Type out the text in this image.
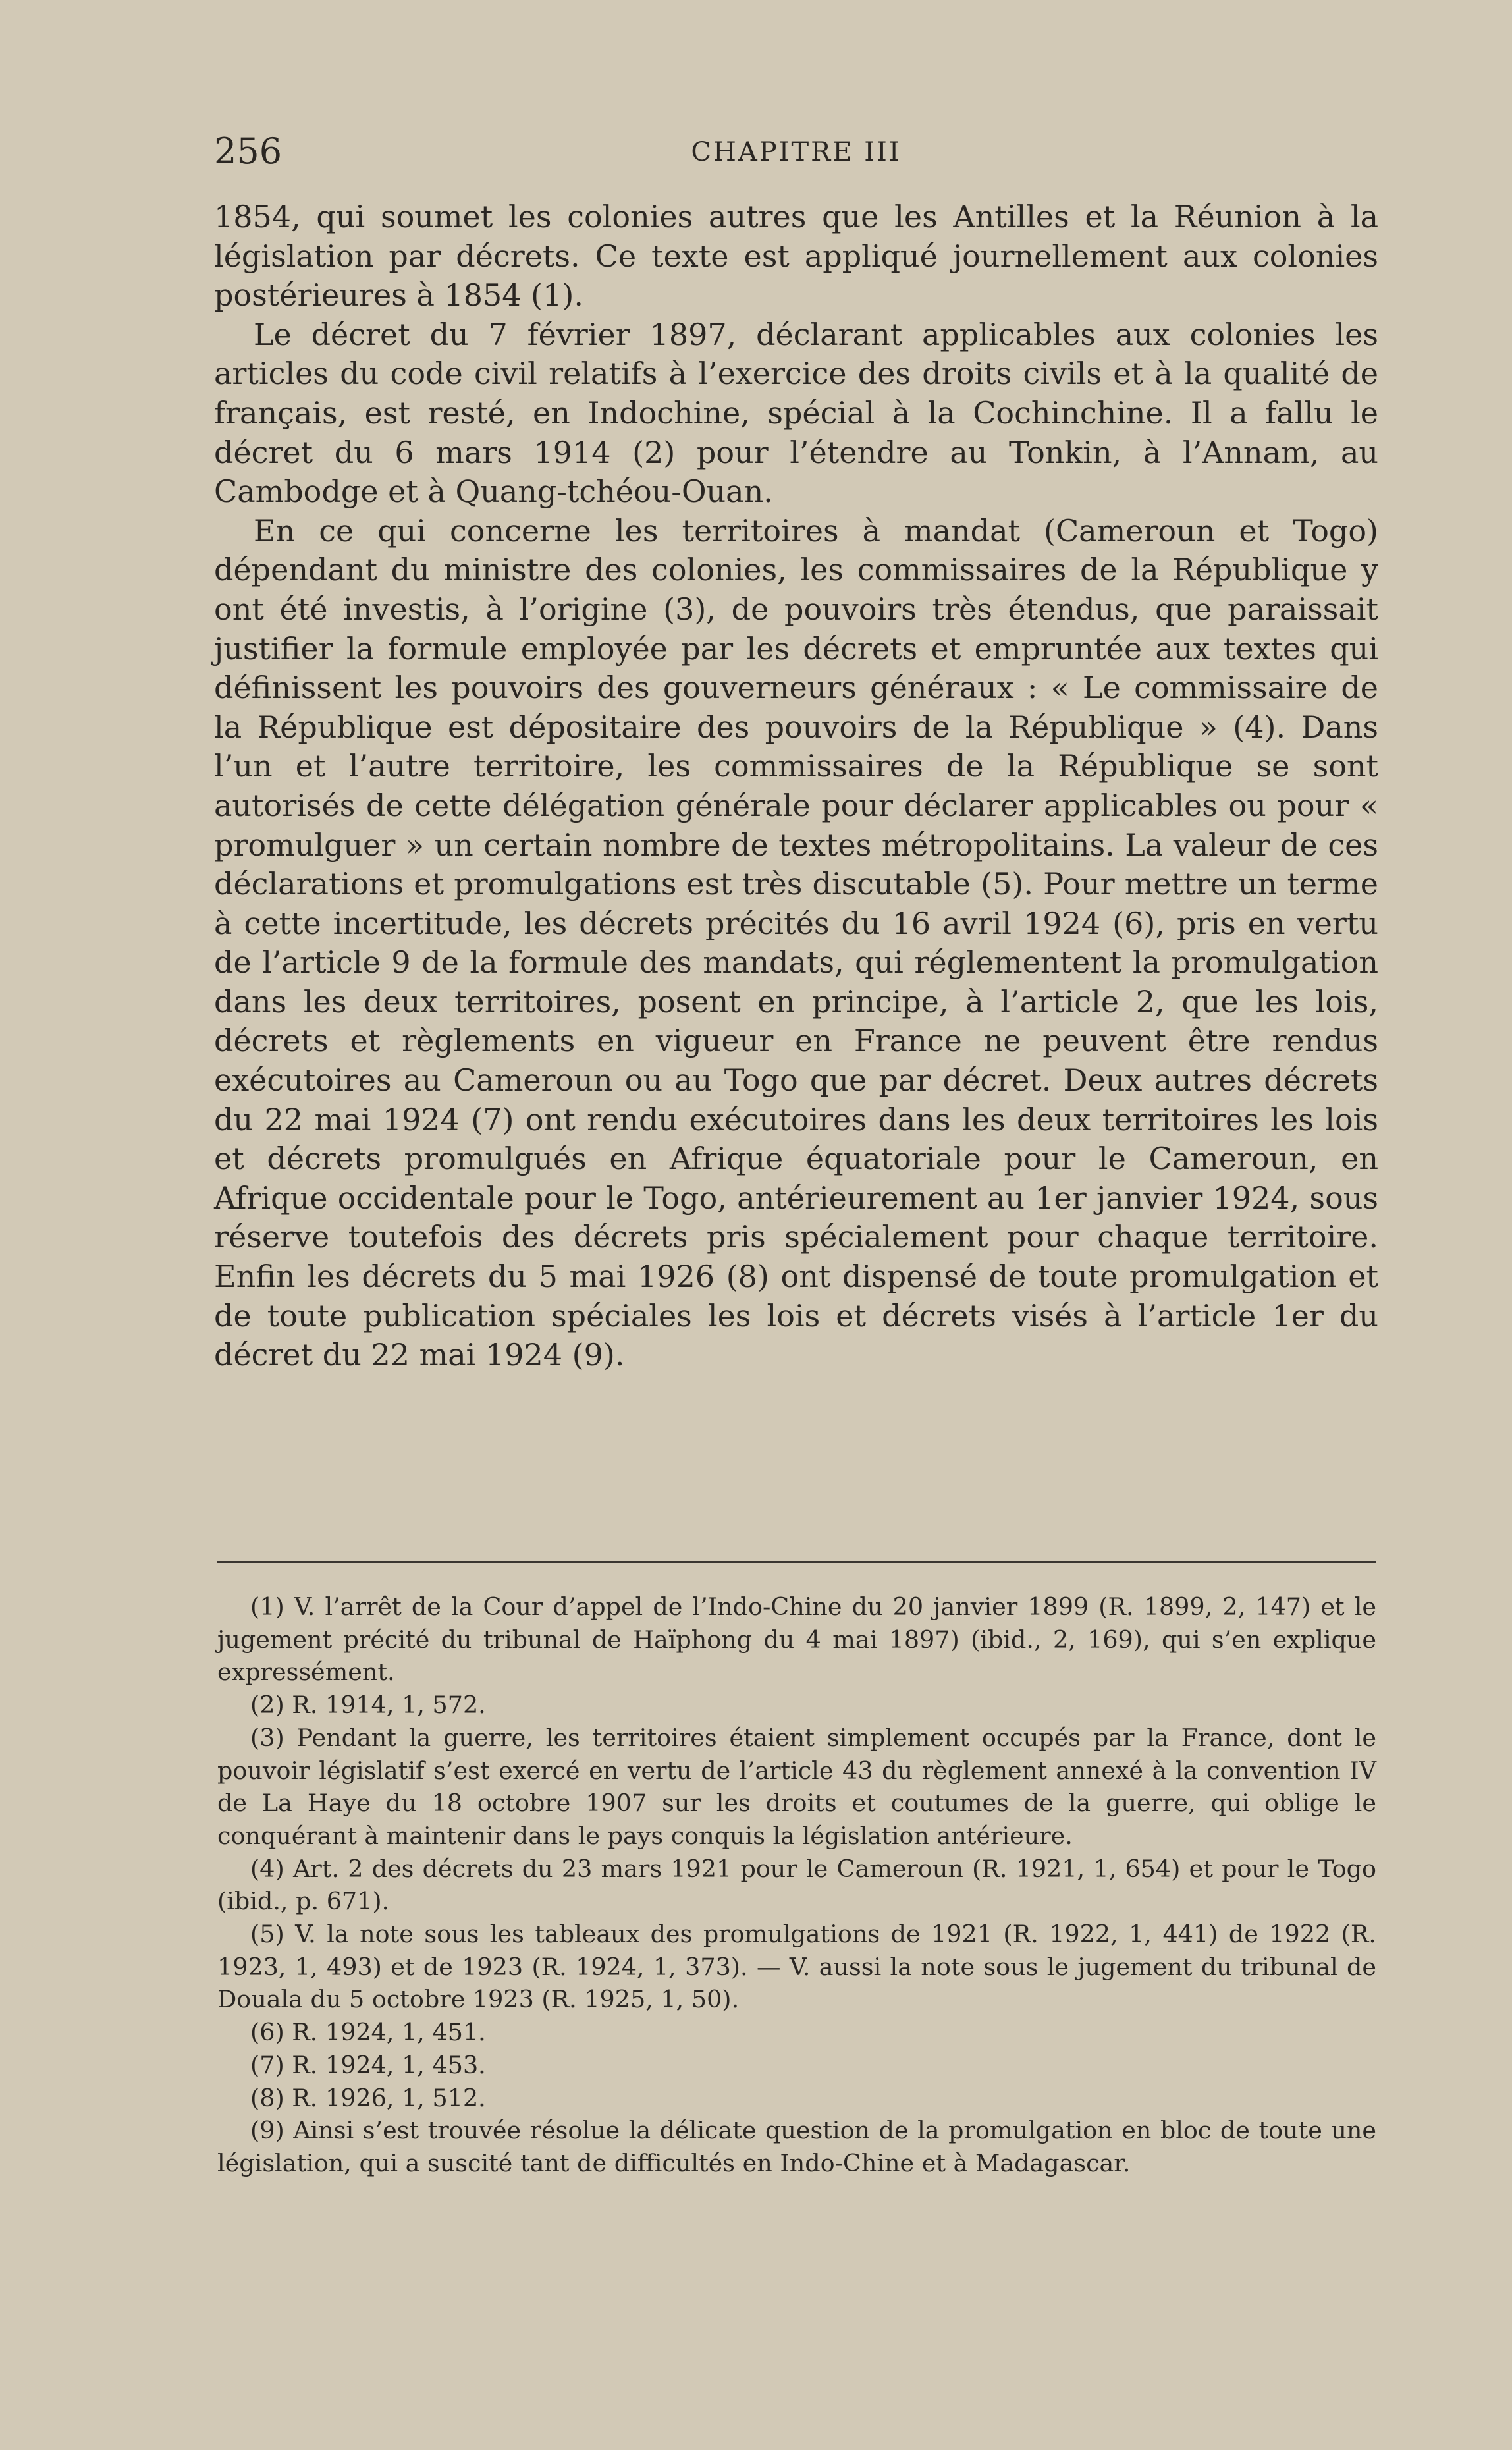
256	CHAPITRE III

1854, qui soumet les colonies autres que les Antilles et la Réunion à la législation par décrets. Ce texte est appliqué journellement aux colonies postérieures à 1854 (1).

Le décret du 7 février 1897, déclarant applicables aux colonies les articles du code civil relatifs à l’exercice des droits civils et à la qualité de français, est resté, en Indochine, spécial à la Cochinchine. Il a fallu le décret du 6 mars 1914 (2) pour l’étendre au Tonkin, à l’Annam, au Cambodge et à Quang-tchéou-Ouan.

En ce qui concerne les territoires à mandat (Cameroun et Togo) dépendant du ministre des colonies, les commissaires de la République y ont été investis, à l’origine (3), de pouvoirs très étendus, que paraissait justifier la formule employée par les décrets et empruntée aux textes qui définissent les pouvoirs des gouverneurs généraux : « Le commissaire de la République est dépositaire des pouvoirs de la République » (4). Dans l’un et l’autre territoire, les commissaires de la République se sont autorisés de cette délégation générale pour déclarer applicables ou pour « promulguer » un certain nombre de textes métropolitains. La valeur de ces déclarations et promulgations est très discutable (5). Pour mettre un terme à cette incertitude, les décrets précités du 16 avril 1924 (6), pris en vertu de l’article 9 de la formule des mandats, qui réglementent la promulgation dans les deux territoires, posent en principe, à l’article 2, que les lois, décrets et règlements en vigueur en France ne peuvent être rendus exécutoires au Cameroun ou au Togo que par décret. Deux autres décrets du 22 mai 1924 (7) ont rendu exécutoires dans les deux territoires les lois et décrets promulgués en Afrique équatoriale pour le Cameroun, en Afrique occidentale pour le Togo, antérieurement au 1er janvier 1924, sous réserve toutefois des décrets pris spécialement pour chaque territoire. Enfin les décrets du 5 mai 1926 (8) ont dispensé de toute promulgation et de toute publication spéciales les lois et décrets visés à l’article 1er du décret du 22 mai 1924 (9).

(1) V. l’arrêt de la Cour d’appel de l’Indo-Chine du 20 janvier 1899 (R. 1899, 2, 147) et le jugement précité du tribunal de Haïphong du 4 mai 1897) (ibid., 2, 169), qui s’en explique expressément.

(2) R. 1914, 1, 572.

(3) Pendant la guerre, les territoires étaient simplement occupés par la France, dont le pouvoir législatif s’est exercé en vertu de l’article 43 du règlement annexé à la convention IV de La Haye du 18 octobre 1907 sur les droits et coutumes de la guerre, qui oblige le conquérant à maintenir dans le pays conquis la législation antérieure.

(4) Art. 2 des décrets du 23 mars 1921 pour le Cameroun (R. 1921, 1, 654) et pour le Togo (ibid., p. 671).

(5) V. la note sous les tableaux des promulgations de 1921 (R. 1922, 1, 441) de 1922 (R. 1923, 1, 493) et de 1923 (R. 1924, 1, 373). — V. aussi la note sous le jugement du tribunal de Douala du 5 octobre 1923 (R. 1925, 1, 50).

(6) R. 1924, 1, 451.

(7) R. 1924, 1, 453.

(8) R. 1926, 1, 512.

(9) Ainsi s’est trouvée résolue la délicate question de la promulgation en bloc de toute une législation, qui a suscité tant de difficultés en Indo-Chine et à Madagascar.
